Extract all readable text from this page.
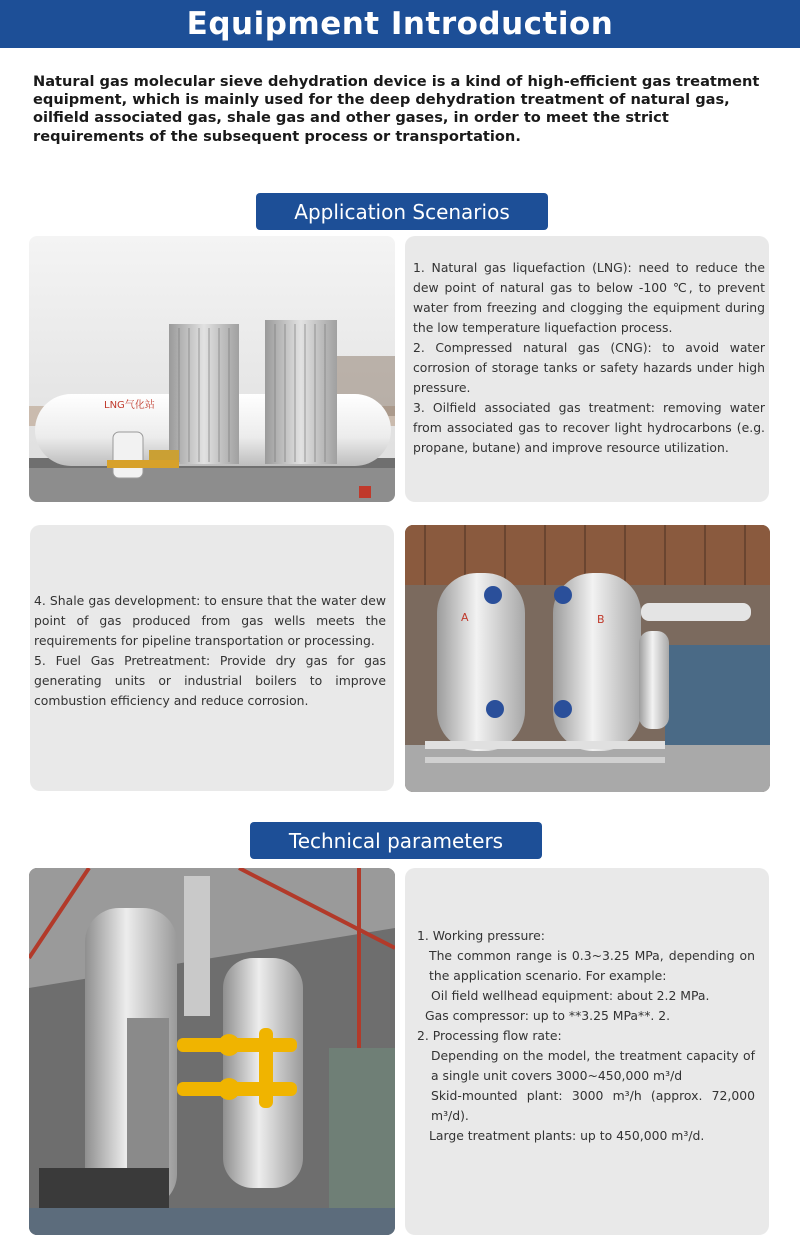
Equipment Introduction

Natural gas molecular sieve dehydration device is a kind of high-efficient gas treatment equipment, which is mainly used for the deep dehydration treatment of natural gas, oilfield associated gas, shale gas and other gases, in order to meet the strict requirements of the subsequent process or transportation.

Application Scenarios
LNG气化站

1. Natural gas liquefaction (LNG): need to reduce the dew point of natural gas to below -100 ℃, to prevent water from freezing and clogging the equipment during the low temperature liquefaction process.

2. Compressed natural gas (CNG): to avoid water corrosion of storage tanks or safety hazards under high pressure.

3. Oilfield associated gas treatment: removing water from associated gas to recover light hydrocarbons (e.g. propane, butane) and improve resource utilization.

4. Shale gas development: to ensure that the water dew point of gas produced from gas wells meets the requirements for pipeline transportation or processing.

5. Fuel Gas Pretreatment: Provide dry gas for gas generating units or industrial boilers to improve combustion efficiency and reduce corrosion.

A	B
Technical parameters

1. Working pressure:

The common range is 0.3~3.25 MPa, depending on the application scenario. For example:

Oil field wellhead equipment: about 2.2 MPa.

Gas compressor: up to **3.25 MPa**. 2.

2. Processing flow rate:

Depending on the model, the treatment capacity of a single unit covers 3000~450,000 m³/d

Skid-mounted plant: 3000 m³/h (approx. 72,000 m³/d).

Large treatment plants: up to 450,000 m³/d.
